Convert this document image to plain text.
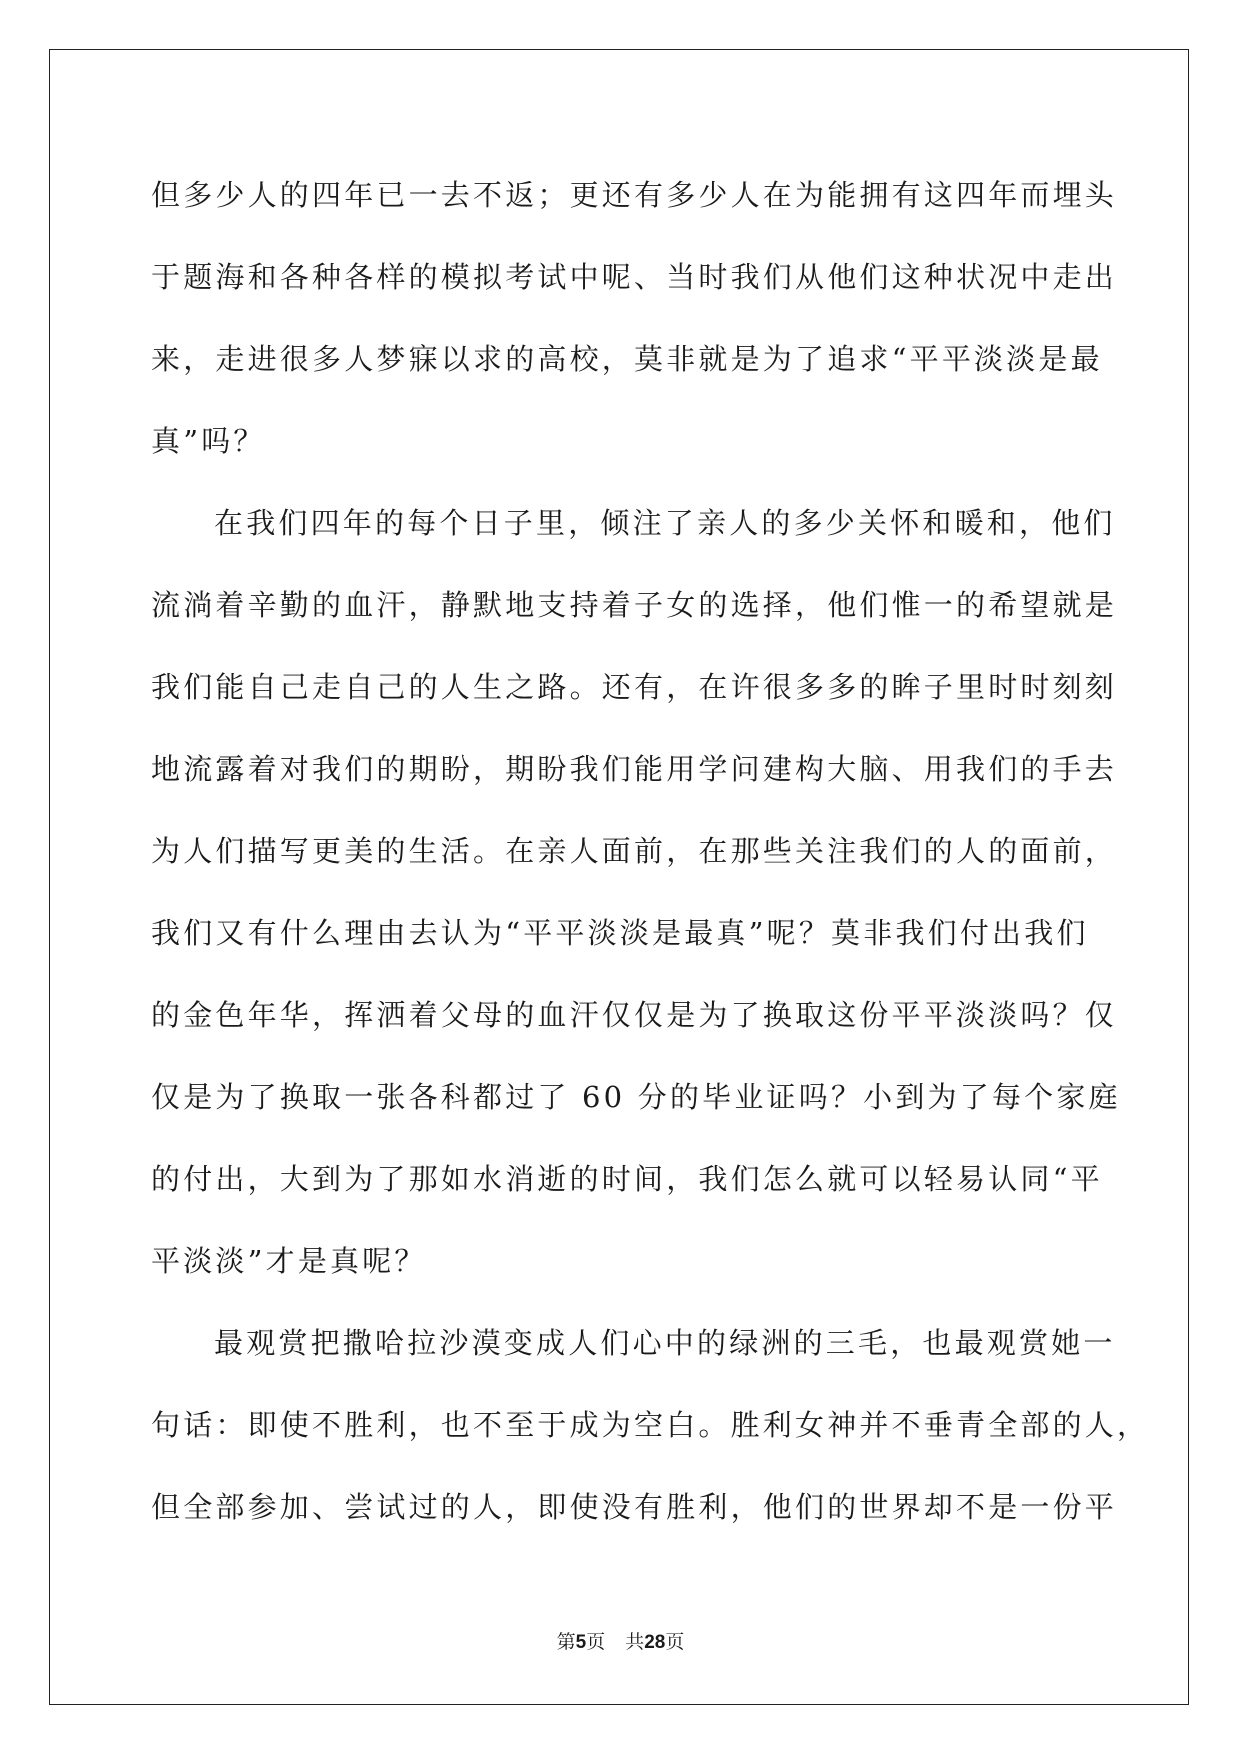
但多少人的四年已一去不返；更还有多少人在为能拥有这四年而埋头
于题海和各种各样的模拟考试中呢、当时我们从他们这种状况中走出
来，走进很多人梦寐以求的高校，莫非就是为了追求“平平淡淡是最
真”吗？
在我们四年的每个日子里，倾注了亲人的多少关怀和暖和，他们
流淌着辛勤的血汗，静默地支持着子女的选择，他们惟一的希望就是
我们能自己走自己的人生之路。还有，在许很多多的眸子里时时刻刻
地流露着对我们的期盼，期盼我们能用学问建构大脑、用我们的手去
为人们描写更美的生活。在亲人面前，在那些关注我们的人的面前，
我们又有什么理由去认为“平平淡淡是最真”呢？莫非我们付出我们
的金色年华，挥洒着父母的血汗仅仅是为了换取这份平平淡淡吗？仅
仅是为了换取一张各科都过了 60 分的毕业证吗？小到为了每个家庭
的付出，大到为了那如水消逝的时间，我们怎么就可以轻易认同“平
平淡淡”才是真呢？
最观赏把撒哈拉沙漠变成人们心中的绿洲的三毛，也最观赏她一
句话：即使不胜利，也不至于成为空白。胜利女神并不垂青全部的人，
但全部参加、尝试过的人，即使没有胜利，他们的世界却不是一份平
第5页 共28页
